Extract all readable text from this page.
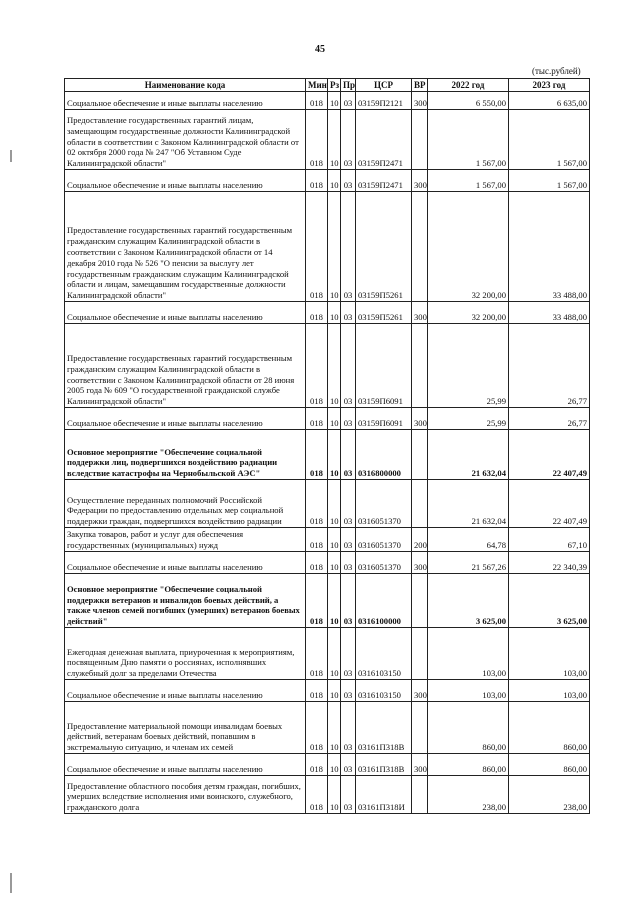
45
(тыс.рублей)
Наименование кода	Мин	Рз	Пр	ЦСР	ВР	2022 год	2023 год
Социальное обеспечение и иные выплаты населению	018	10	03	03159П2121	300	6 550,00	6 635,00
Предоставление государственных гарантий лицам, замещающим государственные должности Калининградской области в соответствии с Законом Калининградской области от 02 октября 2000 года № 247 "Об Уставном Суде Калининградской области"	018	10	03	03159П2471		1 567,00	1 567,00
Социальное обеспечение и иные выплаты населению	018	10	03	03159П2471	300	1 567,00	1 567,00
Предоставление государственных гарантий государственным гражданским служащим Калининградской области в соответствии с Законом Калининградской области от 14 декабря 2010 года № 526 "О пенсии за выслугу лет государственным гражданским служащим Калининградской области и лицам, замещавшим государственные должности Калининградской области"	018	10	03	03159П5261		32 200,00	33 488,00
Социальное обеспечение и иные выплаты населению	018	10	03	03159П5261	300	32 200,00	33 488,00
Предоставление государственных гарантий государственным гражданским служащим Калининградской области в соответствии с Законом Калининградской области от 28 июня 2005 года № 609 "О государственной гражданской службе Калининградской области"	018	10	03	03159П6091		25,99	26,77
Социальное обеспечение и иные выплаты населению	018	10	03	03159П6091	300	25,99	26,77
Основное мероприятие "Обеспечение социальной поддержки лиц, подвергшихся воздействию радиации вследствие катастрофы на Чернобыльской АЭС"	018	10	03	0316800000		21 632,04	22 407,49
Осуществление переданных полномочий Российской Федерации по предоставлению отдельных мер социальной поддержки граждан, подвергшихся воздействию радиации	018	10	03	0316051370		21 632,04	22 407,49
Закупка товаров, работ и услуг для обеспечения государственных (муниципальных) нужд	018	10	03	0316051370	200	64,78	67,10
Социальное обеспечение и иные выплаты населению	018	10	03	0316051370	300	21 567,26	22 340,39
Основное мероприятие "Обеспечение социальной поддержки ветеранов и инвалидов боевых действий, а также членов семей погибших (умерших) ветеранов боевых действий"	018	10	03	0316100000		3 625,00	3 625,00
Ежегодная денежная выплата, приуроченная к мероприятиям, посвященным Дню памяти о россиянах, исполнявших служебный долг за пределами Отечества	018	10	03	0316103150		103,00	103,00
Социальное обеспечение и иные выплаты населению	018	10	03	0316103150	300	103,00	103,00
Предоставление материальной помощи инвалидам боевых действий, ветеранам боевых действий, попавшим в экстремальную ситуацию, и членам их семей	018	10	03	03161П318В		860,00	860,00
Социальное обеспечение и иные выплаты населению	018	10	03	03161П318В	300	860,00	860,00
Предоставление областного пособия детям граждан, погибших, умерших вследствие исполнения ими воинского, служебного, гражданского долга	018	10	03	03161П318И		238,00	238,00
